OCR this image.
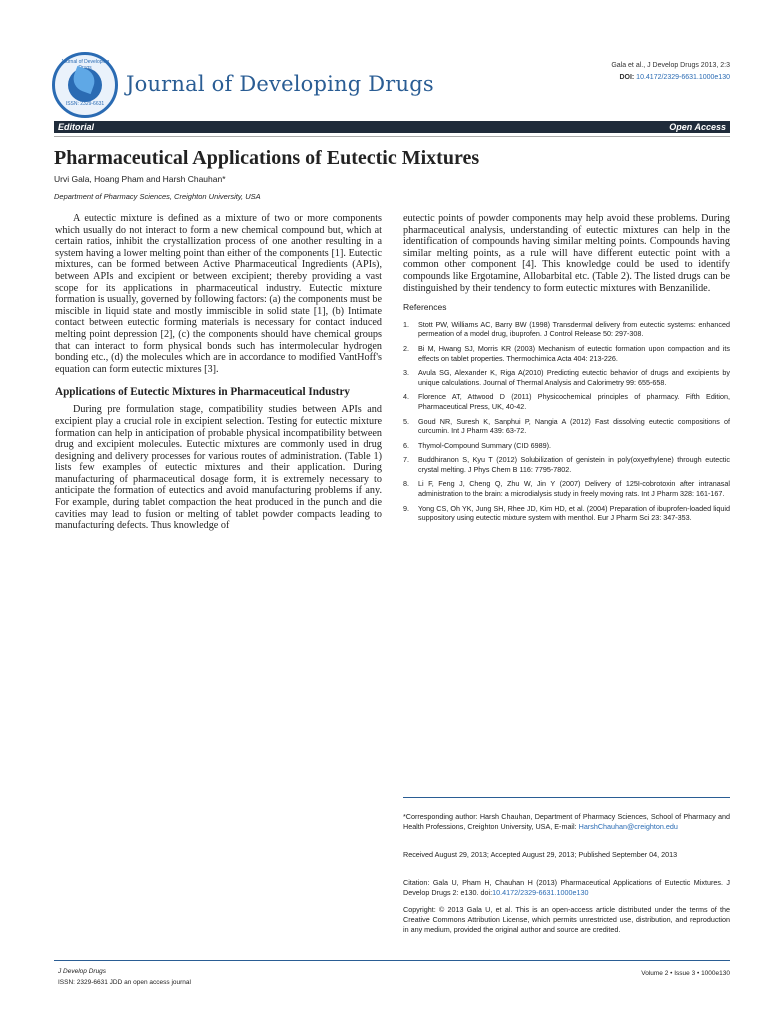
Journal of Developing
ISSN: 2329-6631
Journal of Developing Drugs
Gala et al., J Develop Drugs 2013, 2:3
DOI: 10.4172/2329-6631.1000e130
Editorial	Open Access
Pharmaceutical Applications of Eutectic Mixtures
Urvi Gala, Hoang Pham and Harsh Chauhan*
Department of Pharmacy Sciences, Creighton University, USA

A eutectic mixture is defined as a mixture of two or more components which usually do not interact to form a new chemical compound but, which at certain ratios, inhibit the crystallization process of one another resulting in a system having a lower melting point than either of the components [1]. Eutectic mixtures, can be formed between Active Pharmaceutical Ingredients (APIs), between APIs and excipient or between excipient; thereby providing a vast scope for its applications in pharmaceutical industry. Eutectic mixture formation is usually, governed by following factors: (a) the components must be miscible in liquid state and mostly immiscible in solid state [1], (b) Intimate contact between eutectic forming materials is necessary for contact induced melting point depression [2], (c) the components should have chemical groups that can interact to form physical bonds such has intermolecular hydrogen bonding etc., (d) the molecules which are in accordance to modified VantHoff's equation can form eutectic mixtures [3].

Applications of Eutectic Mixtures in Pharmaceutical Industry

During pre formulation stage, compatibility studies between APIs and excipient play a crucial role in excipient selection. Testing for eutectic mixture formation can help in anticipation of probable physical incompatibility between drug and excipient molecules. Eutectic mixtures are commonly used in drug designing and delivery processes for various routes of administration. (Table 1) lists few examples of eutectic mixtures and their application. During manufacturing of pharmaceutical dosage form, it is extremely necessary to anticipate the formation of eutectics and avoid manufacturing problems if any. For example, during tablet compaction the heat produced in the punch and die cavities may lead to fusion or melting of tablet powder compacts leading to manufacturing defects. Thus knowledge of

eutectic points of powder components may help avoid these problems. During pharmaceutical analysis, understanding of eutectic mixtures can help in the identification of compounds having similar melting points. Compounds having similar melting points, as a rule will have different eutectic point with a common other component [4]. This knowledge could be used to identify compounds like Ergotamine, Allobarbital etc. (Table 2). The listed drugs can be distinguished by their tendency to form eutectic mixtures with Benzanilide.

References
1. Stott PW, Williams AC, Barry BW (1998) Transdermal delivery from eutectic systems: enhanced permeation of a model drug, ibuprofen. J Control Release 50: 297-308.
2. Bi M, Hwang SJ, Morris KR (2003) Mechanism of eutectic formation upon compaction and its effects on tablet properties. Thermochimica Acta 404: 213-226.
3. Avula SG, Alexander K, Riga A(2010) Predicting eutectic behavior of drugs and excipients by unique calculations. Journal of Thermal Analysis and Calorimetry 99: 655-658.
4. Florence AT, Attwood D (2011) Physicochemical principles of pharmacy. Fifth Edition, Pharmaceutical Press, UK, 40-42.
5. Goud NR, Suresh K, Sanphui P, Nangia A (2012) Fast dissolving eutectic compositions of curcumin. Int J Pharm 439: 63-72.
6. Thymol-Compound Summary (CID 6989).
7. Buddhiranon S, Kyu T (2012) Solubilization of genistein in poly(oxyethylene) through eutectic crystal melting. J Phys Chem B 116: 7795-7802.
8. Li F, Feng J, Cheng Q, Zhu W, Jin Y (2007) Delivery of 125I-cobrotoxin after intranasal administration to the brain: a microdialysis study in freely moving rats. Int J Pharm 328: 161-167.
9. Yong CS, Oh YK, Jung SH, Rhee JD, Kim HD, et al. (2004) Preparation of ibuprofen-loaded liquid suppository using eutectic mixture system with menthol. Eur J Pharm Sci 23: 347-353.
*Corresponding author: Harsh Chauhan, Department of Pharmacy Sciences, School of Pharmacy and Health Professions, Creighton University, USA, E-mail: HarshChauhan@creighton.edu
Received August 29, 2013; Accepted August 29, 2013; Published September 04, 2013
Citation: Gala U, Pham H, Chauhan H (2013) Pharmaceutical Applications of Eutectic Mixtures. J Develop Drugs 2: e130. doi:10.4172/2329-6631.1000e130
Copyright: © 2013 Gala U, et al. This is an open-access article distributed under the terms of the Creative Commons Attribution License, which permits unrestricted use, distribution, and reproduction in any medium, provided the original author and source are credited.
J Develop Drugs
ISSN: 2329-6631 JDD an open access journal
Volume 2 • Issue 3 • 1000e130
